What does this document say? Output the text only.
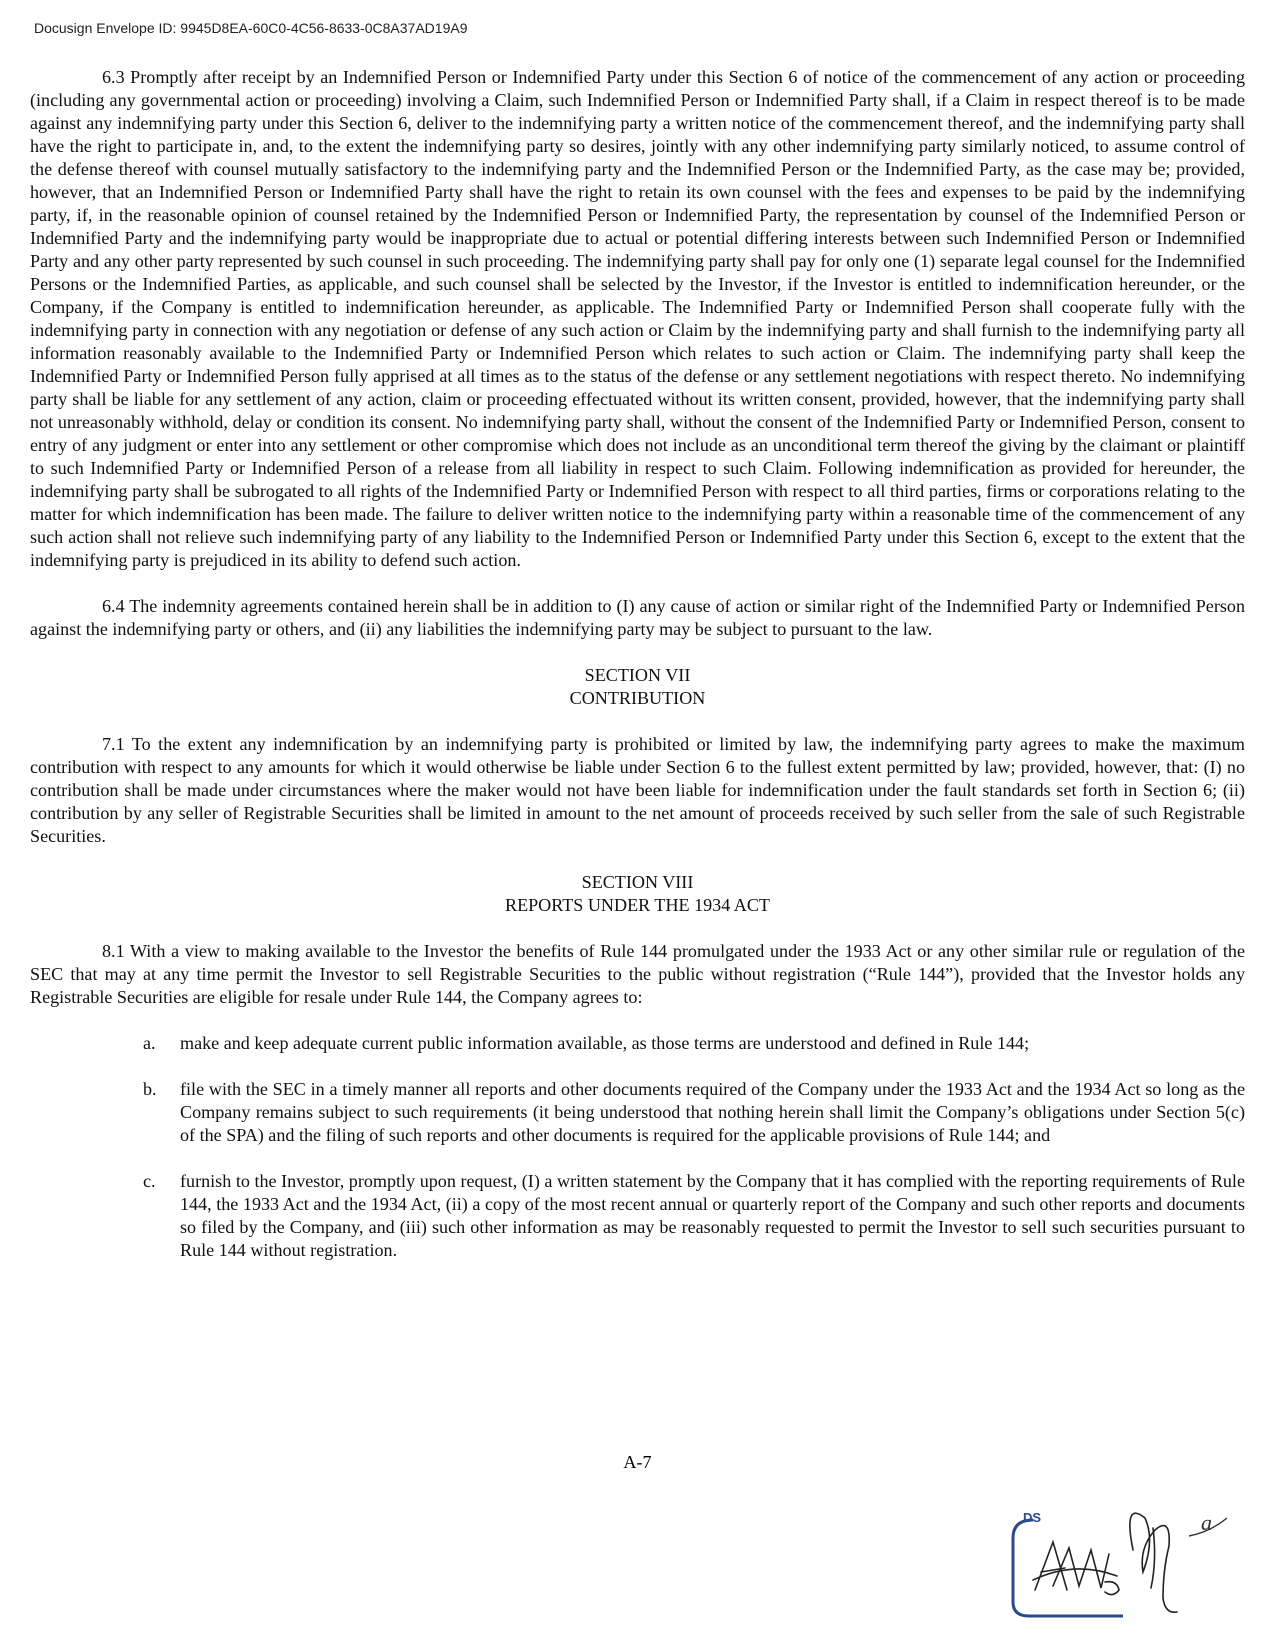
Docusign Envelope ID: 9945D8EA-60C0-4C56-8633-0C8A37AD19A9

6.3 Promptly after receipt by an Indemnified Person or Indemnified Party under this Section 6 of notice of the commencement of any action or proceeding (including any governmental action or proceeding) involving a Claim, such Indemnified Person or Indemnified Party shall, if a Claim in respect thereof is to be made against any indemnifying party under this Section 6, deliver to the indemnifying party a written notice of the commencement thereof, and the indemnifying party shall have the right to participate in, and, to the extent the indemnifying party so desires, jointly with any other indemnifying party similarly noticed, to assume control of the defense thereof with counsel mutually satisfactory to the indemnifying party and the Indemnified Person or the Indemnified Party, as the case may be; provided, however, that an Indemnified Person or Indemnified Party shall have the right to retain its own counsel with the fees and expenses to be paid by the indemnifying party, if, in the reasonable opinion of counsel retained by the Indemnified Person or Indemnified Party, the representation by counsel of the Indemnified Person or Indemnified Party and the indemnifying party would be inappropriate due to actual or potential differing interests between such Indemnified Person or Indemnified Party and any other party represented by such counsel in such proceeding. The indemnifying party shall pay for only one (1) separate legal counsel for the Indemnified Persons or the Indemnified Parties, as applicable, and such counsel shall be selected by the Investor, if the Investor is entitled to indemnification hereunder, or the Company, if the Company is entitled to indemnification hereunder, as applicable. The Indemnified Party or Indemnified Person shall cooperate fully with the indemnifying party in connection with any negotiation or defense of any such action or Claim by the indemnifying party and shall furnish to the indemnifying party all information reasonably available to the Indemnified Party or Indemnified Person which relates to such action or Claim. The indemnifying party shall keep the Indemnified Party or Indemnified Person fully apprised at all times as to the status of the defense or any settlement negotiations with respect thereto. No indemnifying party shall be liable for any settlement of any action, claim or proceeding effectuated without its written consent, provided, however, that the indemnifying party shall not unreasonably withhold, delay or condition its consent. No indemnifying party shall, without the consent of the Indemnified Party or Indemnified Person, consent to entry of any judgment or enter into any settlement or other compromise which does not include as an unconditional term thereof the giving by the claimant or plaintiff to such Indemnified Party or Indemnified Person of a release from all liability in respect to such Claim. Following indemnification as provided for hereunder, the indemnifying party shall be subrogated to all rights of the Indemnified Party or Indemnified Person with respect to all third parties, firms or corporations relating to the matter for which indemnification has been made. The failure to deliver written notice to the indemnifying party within a reasonable time of the commencement of any such action shall not relieve such indemnifying party of any liability to the Indemnified Person or Indemnified Party under this Section 6, except to the extent that the indemnifying party is prejudiced in its ability to defend such action.

6.4 The indemnity agreements contained herein shall be in addition to (I) any cause of action or similar right of the Indemnified Party or Indemnified Person against the indemnifying party or others, and (ii) any liabilities the indemnifying party may be subject to pursuant to the law.

SECTION VII
CONTRIBUTION

7.1 To the extent any indemnification by an indemnifying party is prohibited or limited by law, the indemnifying party agrees to make the maximum contribution with respect to any amounts for which it would otherwise be liable under Section 6 to the fullest extent permitted by law; provided, however, that: (I) no contribution shall be made under circumstances where the maker would not have been liable for indemnification under the fault standards set forth in Section 6; (ii) contribution by any seller of Registrable Securities shall be limited in amount to the net amount of proceeds received by such seller from the sale of such Registrable Securities.

SECTION VIII
REPORTS UNDER THE 1934 ACT

8.1 With a view to making available to the Investor the benefits of Rule 144 promulgated under the 1933 Act or any other similar rule or regulation of the SEC that may at any time permit the Investor to sell Registrable Securities to the public without registration (“Rule 144”), provided that the Investor holds any Registrable Securities are eligible for resale under Rule 144, the Company agrees to:

a. make and keep adequate current public information available, as those terms are understood and defined in Rule 144;
b. file with the SEC in a timely manner all reports and other documents required of the Company under the 1933 Act and the 1934 Act so long as the Company remains subject to such requirements (it being understood that nothing herein shall limit the Company’s obligations under Section 5(c) of the SPA) and the filing of such reports and other documents is required for the applicable provisions of Rule 144; and
c. furnish to the Investor, promptly upon request, (I) a written statement by the Company that it has complied with the reporting requirements of Rule 144, the 1933 Act and the 1934 Act, (ii) a copy of the most recent annual or quarterly report of the Company and such other reports and documents so filed by the Company, and (iii) such other information as may be reasonably requested to permit the Investor to sell such securities pursuant to Rule 144 without registration.
A-7
DS	a
